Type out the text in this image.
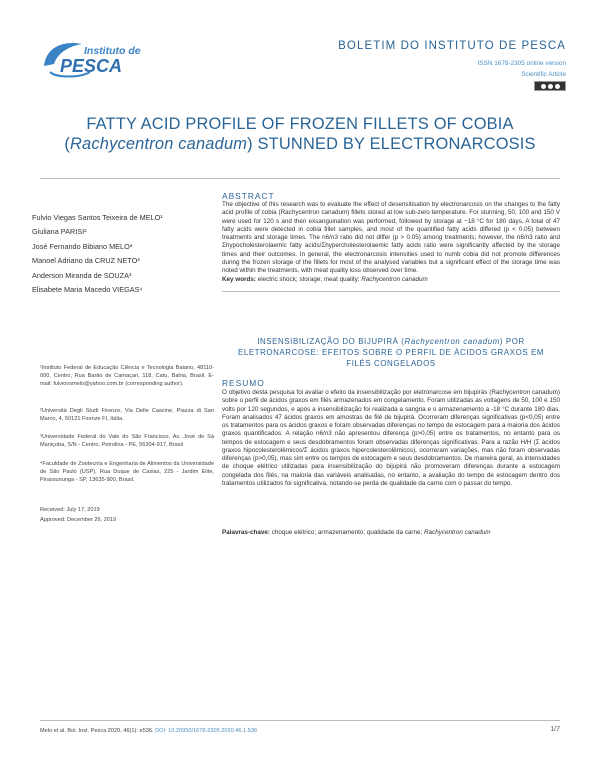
Instituto de
PESCA
BOLETIM DO INSTITUTO DE PESCA
ISSN 1678-2305 online version
Scientific Article
FATTY ACID PROFILE OF FROZEN FILLETS OF COBIA
(Rachycentron canadum) STUNNED BY ELECTRONARCOSIS
Fulvio Viegas Santos Teixeira de MELO¹
Giuliana PARISI²
José Fernando Bibiano MELO³
Manoel Adriano da CRUZ NETO³
Anderson Miranda de SOUZA³
Elisabete Maria Macedo VIEGAS⁴
¹Instituto Federal de Educação Ciência e Tecnologia Baiano, 48110-000, Centro, Rua Barão de Camaçari, 118, Catu, Bahia, Brasil. E-mail: fulviovsmelo@yahoo.com.br (corresponding author).
²Università Degli Studi Firenze, Via Delle Cascine, Piazza di San Marco, 4, 50121 Firenze FI, Itália.
³Universidade Federal do Vale do São Francisco, Av. José de Sá Maniçoba, S/N - Centro, Petrolina - PE, 56304-917, Brasil
⁴Faculdade de Zootecnia e Engenharia de Alimentos da Universidade de São Paulo (USP), Rua Duque de Caxias, 225 - Jardim Elite, Pirassununga - SP, 13635-900, Brasil.
Received: July 17, 2019
Approved: December 26, 2019
ABSTRACT
The objective of this research was to evaluate the effect of desensitisation by electronarcosis on the changes to the fatty acid profile of cobia (Rachycentron canadum) fillets stored at low sub-zero temperature. For stunning, 50, 100 and 150 V were used for 120 s and then exsanguination was performed, followed by storage at −18 °C for 180 days. A total of 47 fatty acids were detected in cobia fillet samples, and most of the quantified fatty acids differed (p < 0.05) between treatments and storage times. The n6/n3 ratio did not differ (p > 0.05) among treatments; however, the n6/n3 ratio and Σhypocholesterolaemic fatty acids/Σhypercholesterolaemic fatty acids ratio were significantly affected by the storage times and their outcomes. In general, the electronarcosis intensities used to numb cobia did not promote differences during the frozen storage of the fillets for most of the analysed variables but a significant effect of the storage time was noted within the treatments, with meat quality loss observed over time.
Key words: electric shock; storage; meat quality; Rachycentron canadum
INSENSIBILIZAÇÃO DO BIJUPIRÁ (Rachycentron canadum) POR
ELETRONARCOSE: EFEITOS SOBRE O PERFIL DE ÁCIDOS GRAXOS EM
FILÉS CONGELADOS
RESUMO
O objetivo desta pesquisa foi avaliar o efeito da insensibilização por eletronarcose em bijupirás (Rachycentron canadum) sobre o perfil de ácidos graxos em filés armazenados em congelamento. Foram utilizadas as voltagens de 50, 100 e 150 volts por 120 segundos, e após a insensibilização foi realizada a sangria e o armazenamento a -18 °C durante 180 dias. Foram analisados 47 ácidos graxos em amostras de filé de bijupirá. Ocorreram diferenças significativas (p<0,05) entre os tratamentos para os ácidos graxos e foram observadas diferenças no tempo de estocagem para a maioria dos ácidos graxos quantificados. A relação n6/n3 não apresentou diferença (p>0,05) entre os tratamentos, no entanto para os tempos de estocagem e seus desdobramentos foram observadas diferenças significativas. Para a razão H/H (Σ ácidos graxos hipocolesterolêmicos/Σ ácidos graxos hipercolesterolêmicos), ocorreram variações, mas não foram observadas diferenças (p>0,05), mas sim entre os tempos de estocagem e seus desdobramentos. De maneira geral, as intensidades de choque elétrico utilizadas para insensibilização do bijupirá não promoveram diferenças durante a estocagem congelada dos filés, na maioria das variáveis analisadas, no entanto, a avaliação do tempo de estocagem dentro dos tratamentos utilizados foi significativa, notando-se perda de qualidade da carne com o passar do tempo.
Palavras-chave: choque elétrico; armazenamento; qualidade da carne; Rachycentron canadum
Melo et al. Bol. Inst. Pesca 2020, 46(1): e536. DOI: 10.20950/1678-2305.2020.46.1.536	1/7
